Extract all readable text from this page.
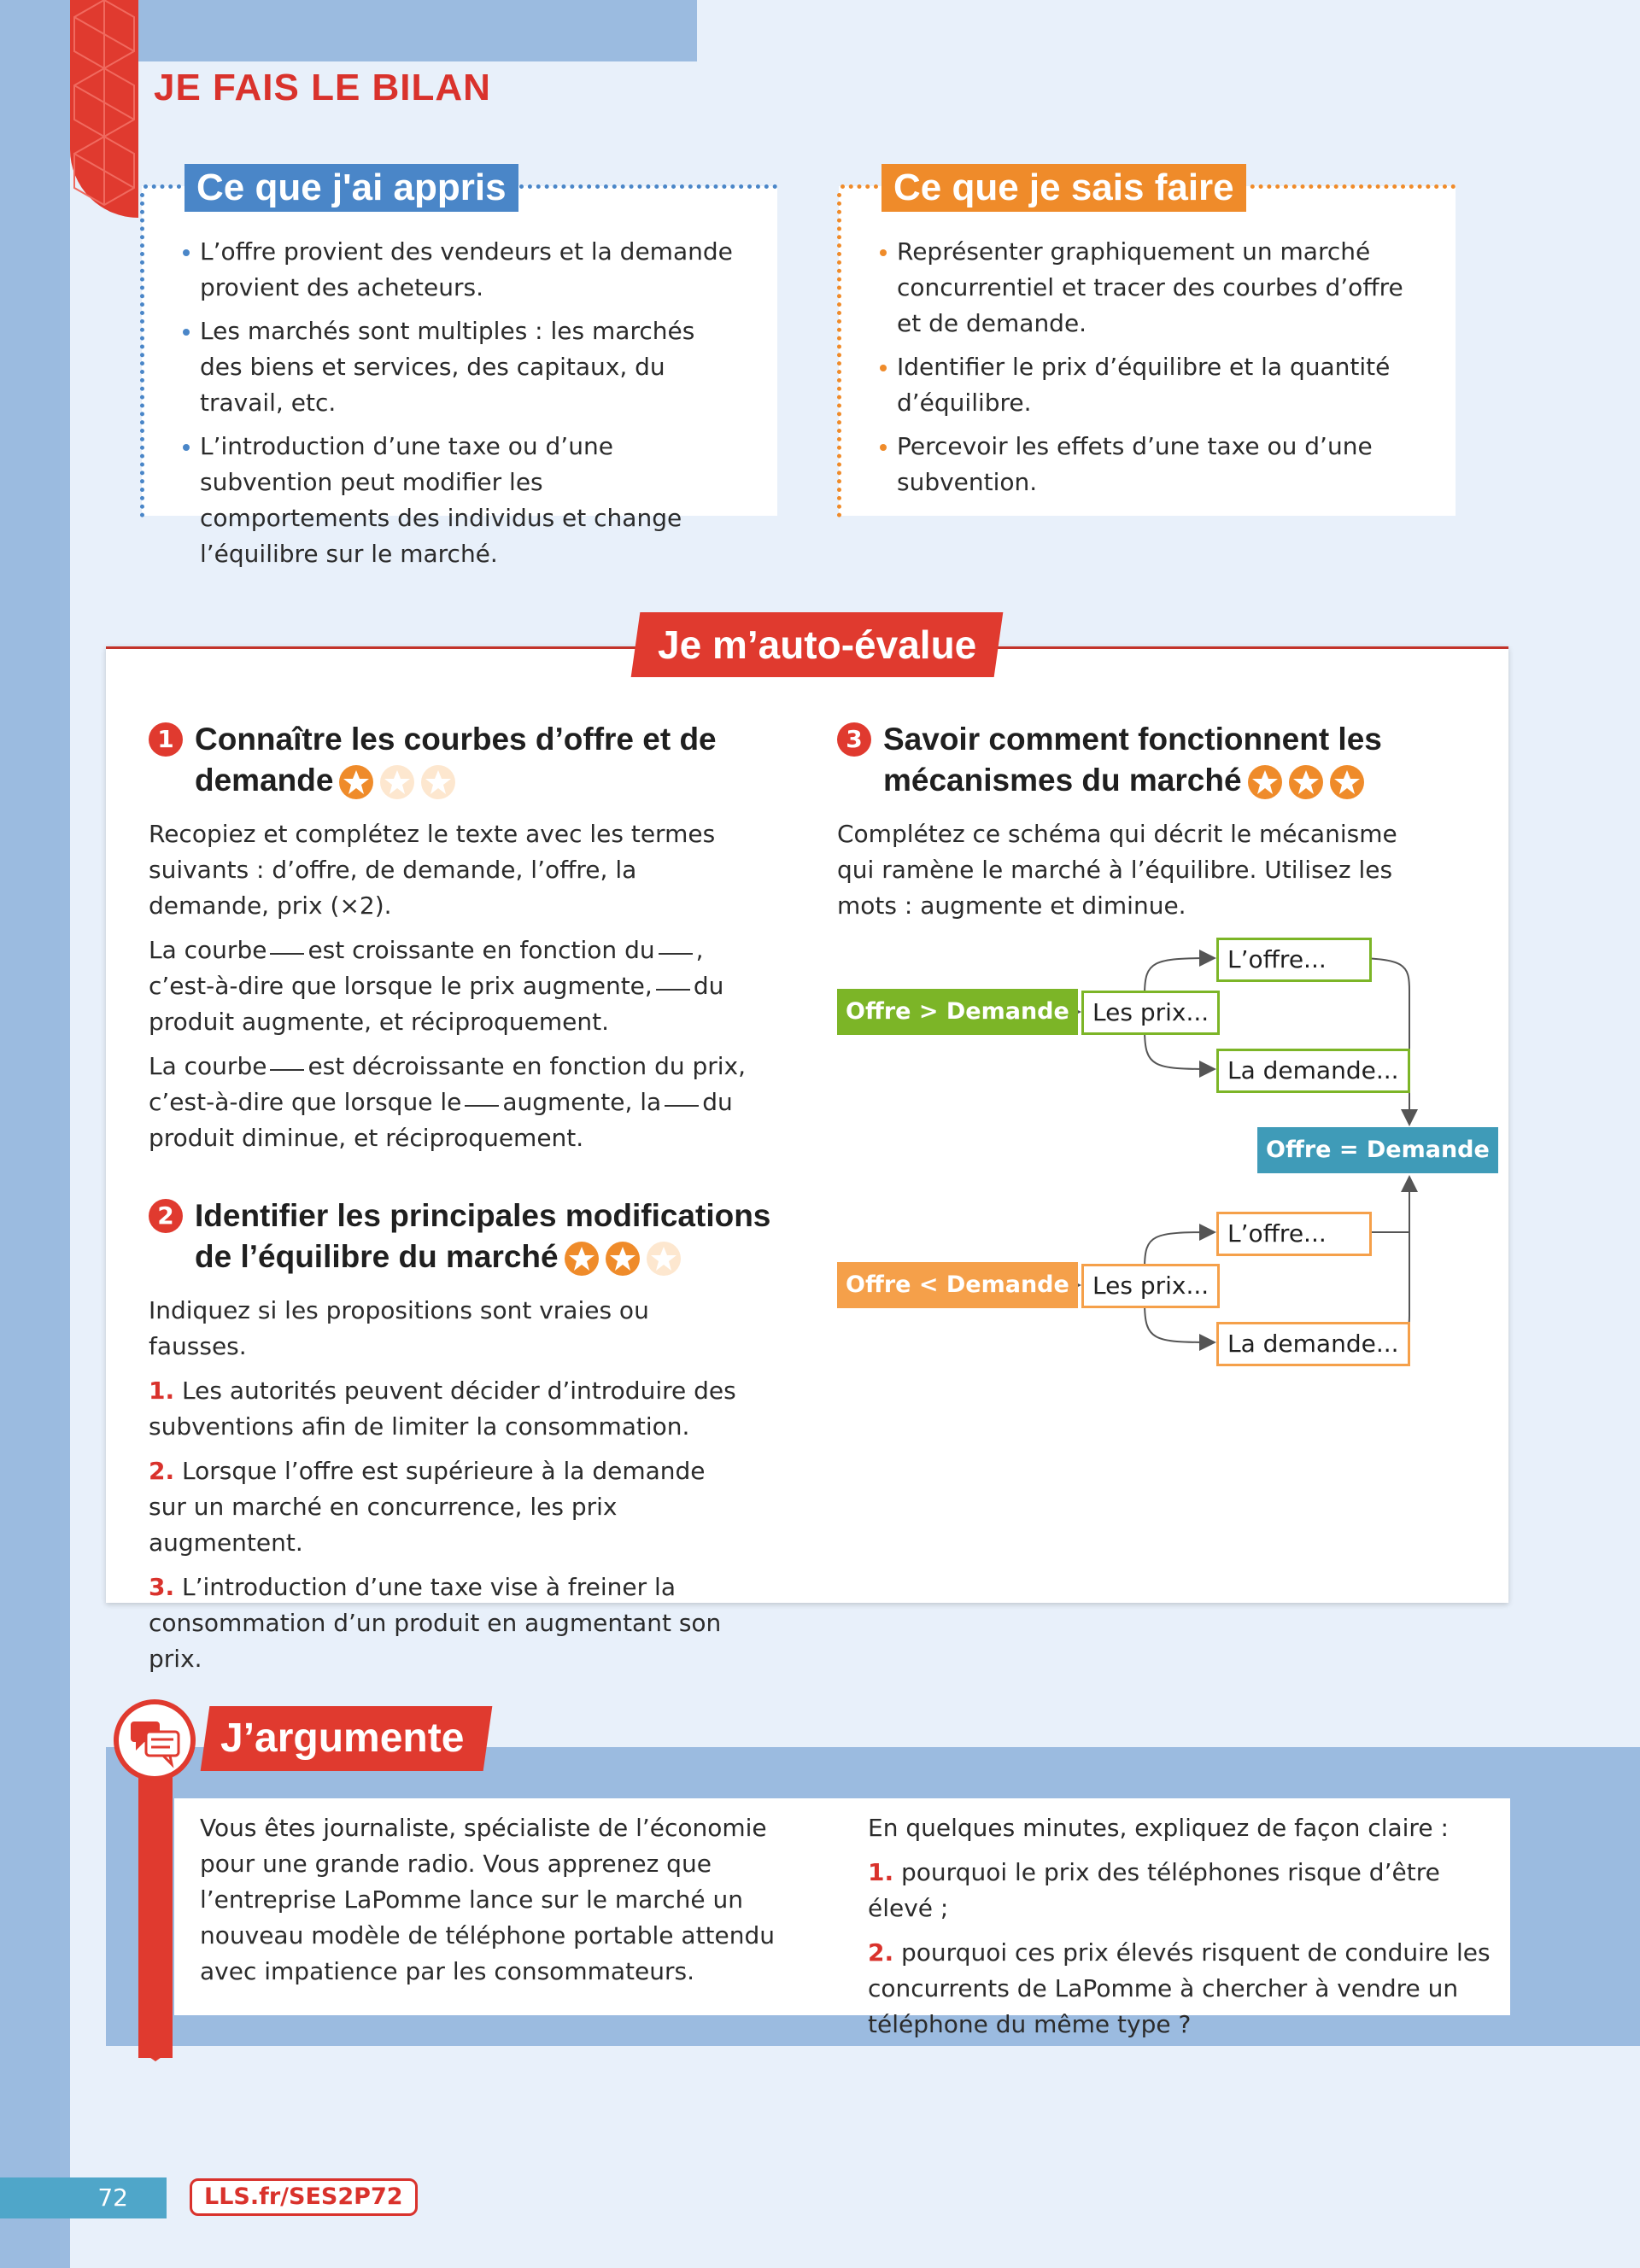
JE FAIS LE BILAN
Ce que j'ai appris
L’offre provient des vendeurs et la demande provient des acheteurs.
Les marchés sont multiples : les marchés des biens et services, des capitaux, du travail, etc.
L’introduction d’une taxe ou d’une subvention peut modifier les comportements des individus et change l’équilibre sur le marché.
Ce que je sais faire
Représenter graphiquement un marché concurrentiel et tracer des courbes d’offre et de demande.
Identifier le prix d’équilibre et la quantité d’équilibre.
Percevoir les effets d’une taxe ou d’une subvention.
Je m’auto-évalue
1 Connaître les courbes d’offre et de
demande

Recopiez et complétez le texte avec les termes suivants : d’offre, de demande, l’offre, la demande, prix (×2).

La courbe est croissante en fonction du , c’est-à-dire que lorsque le prix augmente, du produit augmente, et réciproquement.

La courbe est décroissante en fonction du prix, c’est-à-dire que lorsque le augmente, la du produit diminue, et réciproquement.

2 Identifier les principales modifications
de l’équilibre du marché

Indiquez si les propositions sont vraies ou fausses.

1. Les autorités peuvent décider d’introduire des subventions afin de limiter la consommation.

2. Lorsque l’offre est supérieure à la demande sur un marché en concurrence, les prix augmentent.

3. L’introduction d’une taxe vise à freiner la consommation d’un produit en augmentant son prix.

3 Savoir comment fonctionnent les
mécanismes du marché
Complétez ce schéma qui décrit le mécanisme qui ramène le marché à l’équilibre. Utilisez les mots : augmente et diminue.
Offre > Demande Les prix...
L’offre...
La demande...
Offre = Demande
Offre < Demande Les prix...
L’offre...
La demande...
J’argumente
Vous êtes journaliste, spécialiste de l’économie pour une grande radio. Vous apprenez que l’entreprise LaPomme lance sur le marché un nouveau modèle de téléphone portable attendu avec impatience par les consommateurs.

En quelques minutes, expliquez de façon claire :

1. pourquoi le prix des téléphones risque d’être élevé ;

2. pourquoi ces prix élevés risquent de conduire les concurrents de LaPomme à chercher à vendre un téléphone du même type ?

72	LLS.fr/SES2P72
